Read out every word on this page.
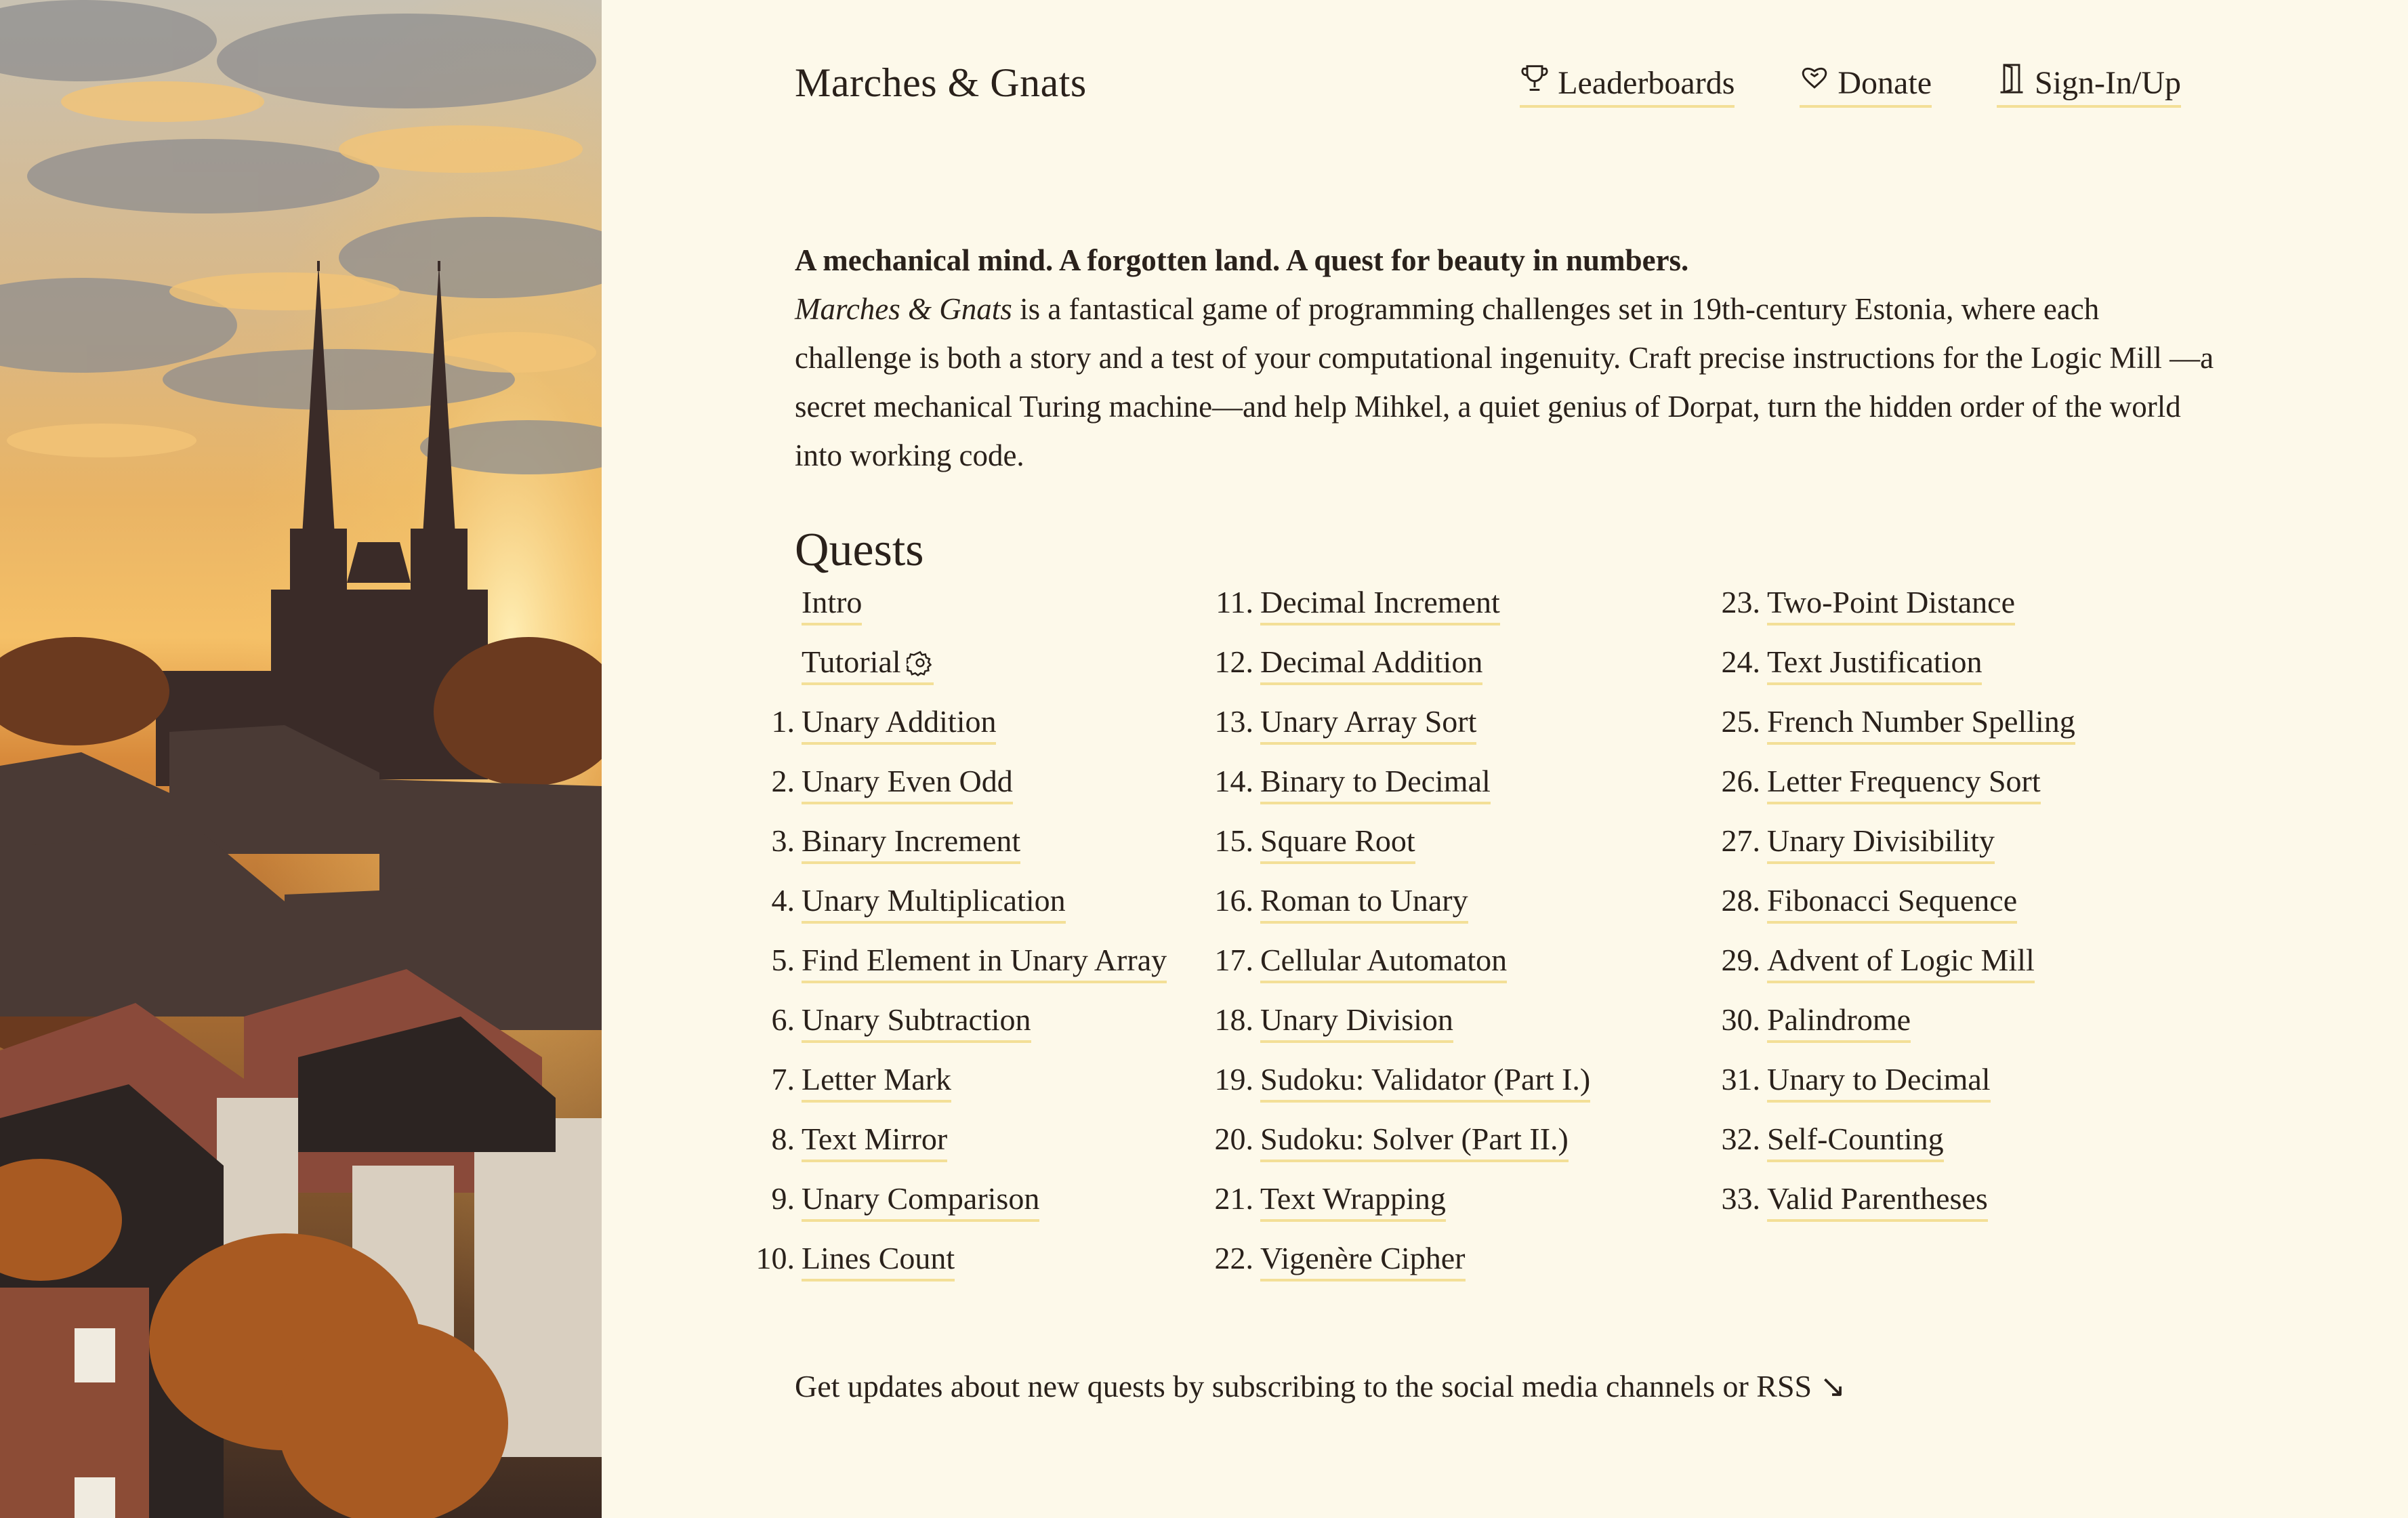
Marches & Gnats	Leaderboards	Donate	Sign-In/Up
A mechanical mind. A forgotten land. A quest for beauty in numbers.
Marches & Gnats is a fantastical game of programming challenges set in 19th-century Estonia, where each challenge is both a story and a test of your computational ingenuity. Craft precise instructions for the Logic Mill —a secret mechanical Turing machine—and help Mihkel, a quiet genius of Dorpat, turn the hidden order of the world into working code.
Quests
Intro
Tutorial
1. Unary Addition
2. Unary Even Odd
3. Binary Increment
4. Unary Multiplication
5. Find Element in Unary Array
6. Unary Subtraction
7. Letter Mark
8. Text Mirror
9. Unary Comparison
10. Lines Count
11. Decimal Increment
12. Decimal Addition
13. Unary Array Sort
14. Binary to Decimal
15. Square Root
16. Roman to Unary
17. Cellular Automaton
18. Unary Division
19. Sudoku: Validator (Part I.)
20. Sudoku: Solver (Part II.)
21. Text Wrapping
22. Vigenère Cipher
23. Two-Point Distance
24. Text Justification
25. French Number Spelling
26. Letter Frequency Sort
27. Unary Divisibility
28. Fibonacci Sequence
29. Advent of Logic Mill
30. Palindrome
31. Unary to Decimal
32. Self-Counting
33. Valid Parentheses
Get updates about new quests by subscribing to the social media channels or RSS ↘
